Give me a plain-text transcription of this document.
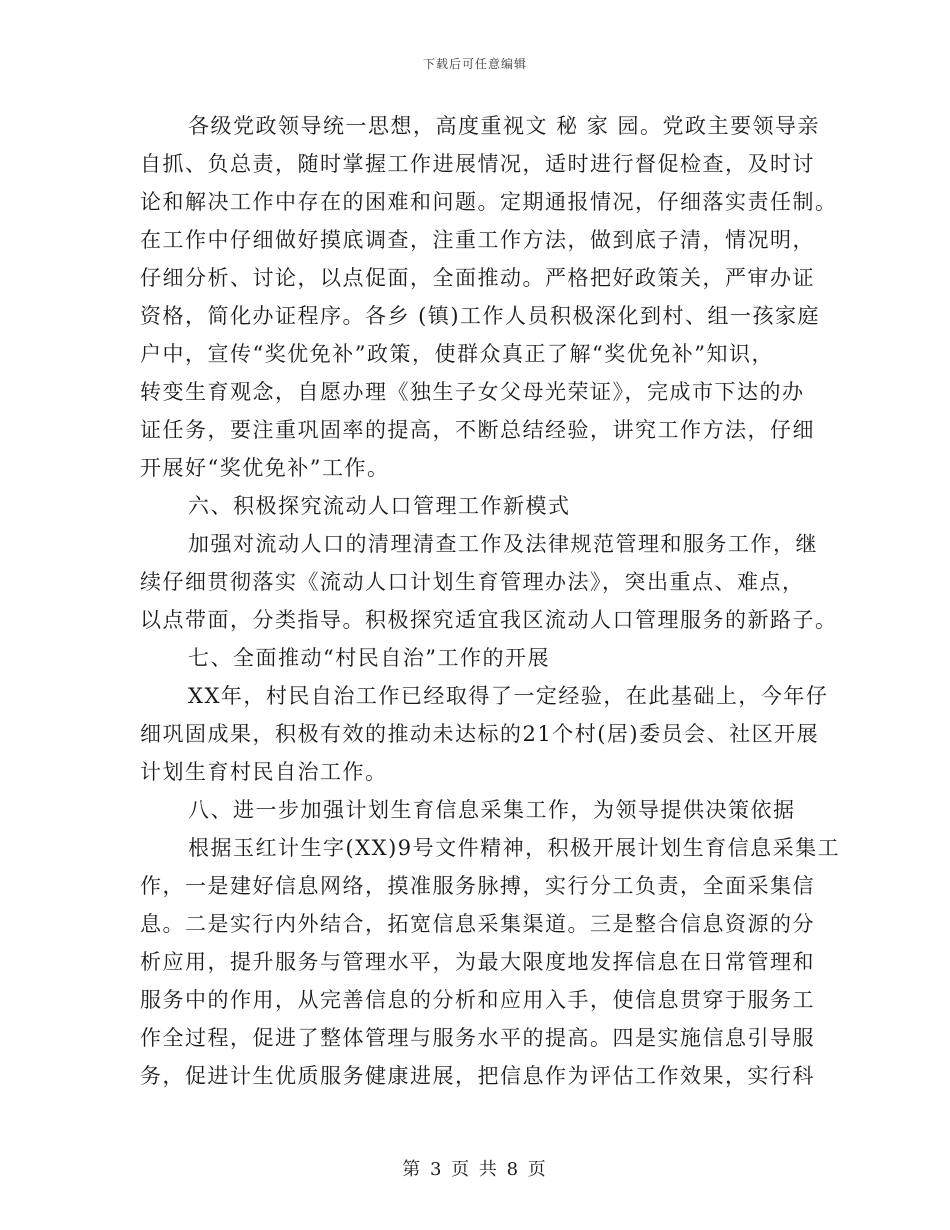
下载后可任意编辑
各级党政领导统一思想，高度重视文 秘 家 园。党政主要领导亲
自抓、负总责，随时掌握工作进展情况，适时进行督促检查，及时讨
论和解决工作中存在的困难和问题。定期通报情况，仔细落实责任制。
在工作中仔细做好摸底调查，注重工作方法，做到底子清，情况明，
仔细分析、讨论，以点促面，全面推动。严格把好政策关，严审办证
资格，简化办证程序。各乡 (镇)工作人员积极深化到村、组一孩家庭
户中，宣传“奖优免补”政策，使群众真正了解“奖优免补”知识，
转变生育观念，自愿办理《独生子女父母光荣证》，完成市下达的办
证任务，要注重巩固率的提高，不断总结经验，讲究工作方法，仔细
开展好“奖优免补”工作。
六、积极探究流动人口管理工作新模式
加强对流动人口的清理清查工作及法律规范管理和服务工作，继
续仔细贯彻落实《流动人口计划生育管理办法》，突出重点、难点，
以点带面，分类指导。积极探究适宜我区流动人口管理服务的新路子。
七、全面推动“村民自治”工作的开展
XX年，村民自治工作已经取得了一定经验，在此基础上，今年仔
细巩固成果，积极有效的推动未达标的21个村(居)委员会、社区开展
计划生育村民自治工作。
八、进一步加强计划生育信息采集工作，为领导提供决策依据
根据玉红计生字(XX)9号文件精神，积极开展计划生育信息采集工
作，一是建好信息网络，摸准服务脉搏，实行分工负责，全面采集信
息。二是实行内外结合，拓宽信息采集渠道。三是整合信息资源的分
析应用，提升服务与管理水平，为最大限度地发挥信息在日常管理和
服务中的作用，从完善信息的分析和应用入手，使信息贯穿于服务工
作全过程，促进了整体管理与服务水平的提高。四是实施信息引导服
务，促进计生优质服务健康进展，把信息作为评估工作效果，实行科
第 3 页 共 8 页
